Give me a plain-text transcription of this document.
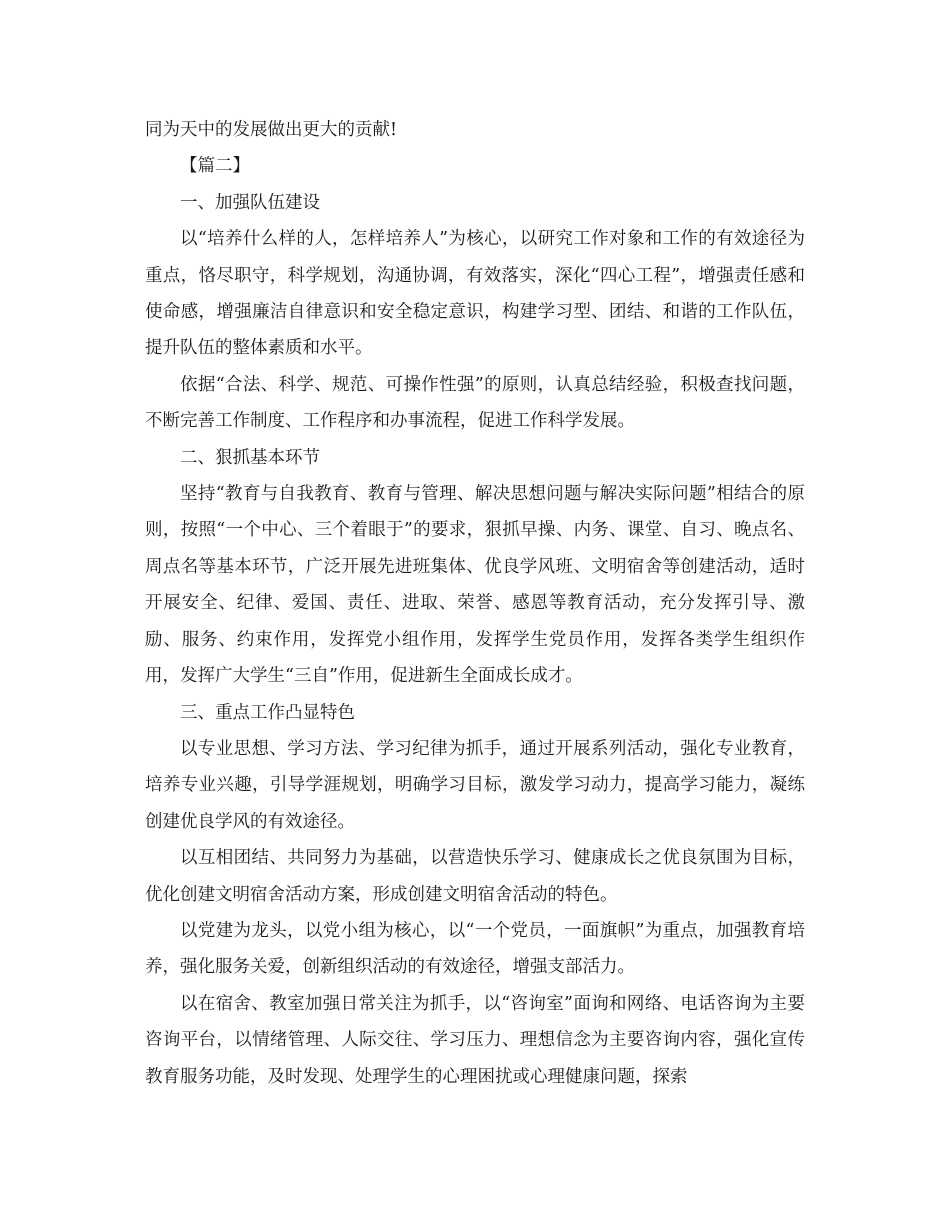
同为天中的发展做出更大的贡献!

【篇二】

一、加强队伍建设

以“培养什么样的人，怎样培养人”为核心，以研究工作对象和工作的有效途径为重点，恪尽职守，科学规划，沟通协调，有效落实，深化“四心工程”，增强责任感和使命感，增强廉洁自律意识和安全稳定意识，构建学习型、团结、和谐的工作队伍，提升队伍的整体素质和水平。

依据“合法、科学、规范、可操作性强”的原则，认真总结经验，积极查找问题，不断完善工作制度、工作程序和办事流程，促进工作科学发展。

二、狠抓基本环节

坚持“教育与自我教育、教育与管理、解决思想问题与解决实际问题”相结合的原则，按照“一个中心、三个着眼于”的要求，狠抓早操、内务、课堂、自习、晚点名、周点名等基本环节，广泛开展先进班集体、优良学风班、文明宿舍等创建活动，适时开展安全、纪律、爱国、责任、进取、荣誉、感恩等教育活动，充分发挥引导、激励、服务、约束作用，发挥党小组作用，发挥学生党员作用，发挥各类学生组织作用，发挥广大学生“三自”作用，促进新生全面成长成才。

三、重点工作凸显特色

以专业思想、学习方法、学习纪律为抓手，通过开展系列活动，强化专业教育，培养专业兴趣，引导学涯规划，明确学习目标，激发学习动力，提高学习能力，凝练创建优良学风的有效途径。

以互相团结、共同努力为基础，以营造快乐学习、健康成长之优良氛围为目标，优化创建文明宿舍活动方案，形成创建文明宿舍活动的特色。

以党建为龙头，以党小组为核心，以“一个党员，一面旗帜”为重点，加强教育培养，强化服务关爱，创新组织活动的有效途径，增强支部活力。

以在宿舍、教室加强日常关注为抓手，以“咨询室”面询和网络、电话咨询为主要咨询平台，以情绪管理、人际交往、学习压力、理想信念为主要咨询内容，强化宣传教育服务功能，及时发现、处理学生的心理困扰或心理健康问题，探索
